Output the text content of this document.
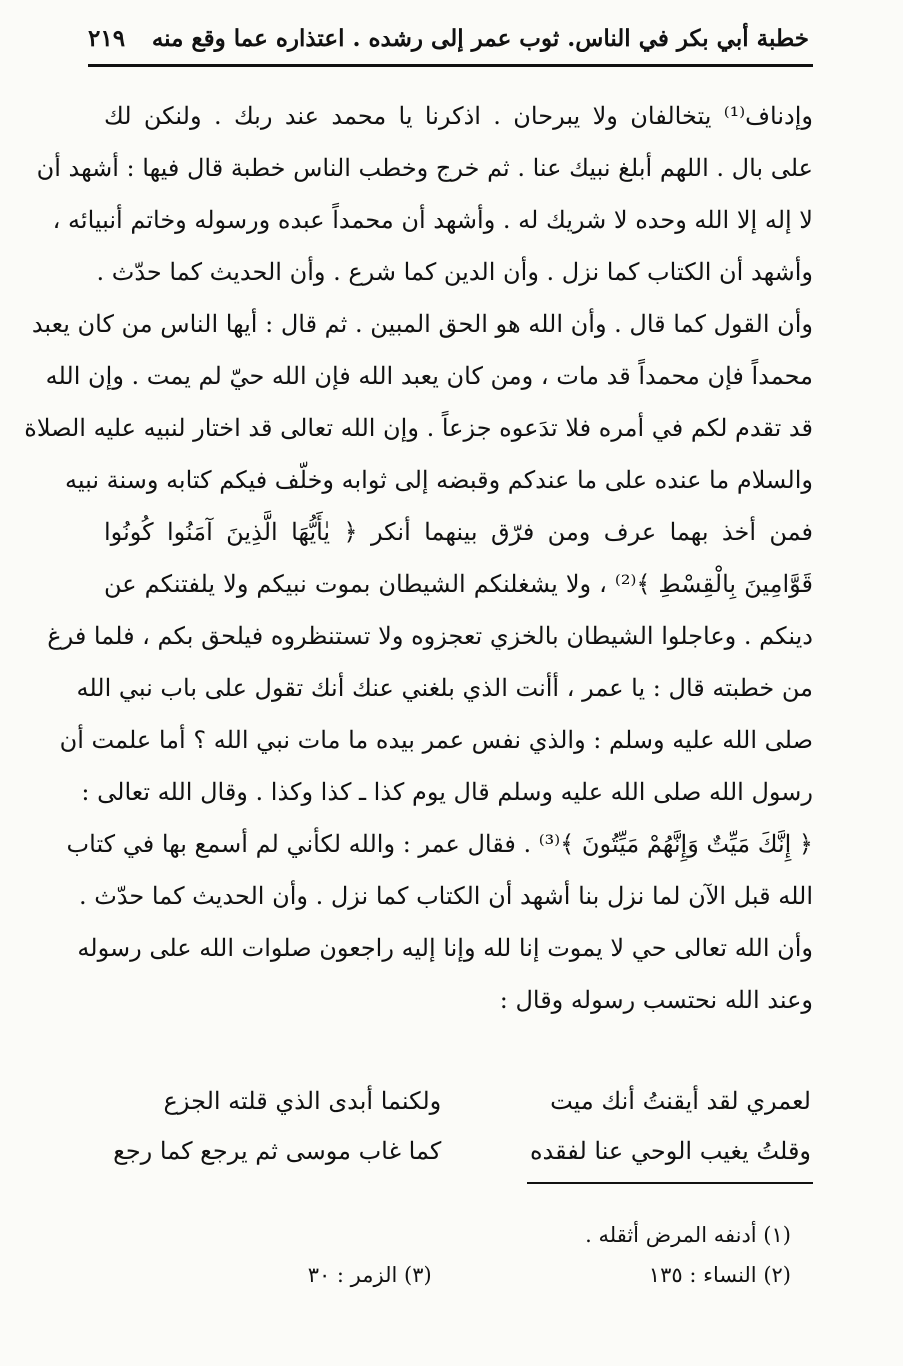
خطبة أبي بكر في الناس. ثوب عمر إلى رشده . اعتذاره عما وقع منه
٢١٩
وإدناف⁽¹⁾ يتخالفان ولا يبرحان . اذكرنا يا محمد عند ربك . ولنكن لك
على بال . اللهم أبلغ نبيك عنا . ثم خرج وخطب الناس خطبة قال فيها : أشهد أن
لا إله إلا الله وحده لا شريك له . وأشهد أن محمداً عبده ورسوله وخاتم أنبيائه ،
وأشهد أن الكتاب كما نزل . وأن الدين كما شرع . وأن الحديث كما حدّث .
وأن القول كما قال . وأن الله هو الحق المبين . ثم قال : أيها الناس من كان يعبد
محمداً فإن محمداً قد مات ، ومن كان يعبد الله فإن الله حيّ لم يمت . وإن الله
قد تقدم لكم في أمره فلا تدَعوه جزعاً . وإن الله تعالى قد اختار لنبيه عليه الصلاة
والسلام ما عنده على ما عندكم وقبضه إلى ثوابه وخلّف فيكم كتابه وسنة نبيه
فمن أخذ بهما عرف ومن فرّق بينهما أنكر ﴿ يٰأَيُّهَا الَّذِينَ آمَنُوا كُونُوا
قَوَّامِينَ بِالْقِسْطِ ﴾⁽²⁾ ، ولا يشغلنكم الشيطان بموت نبيكم ولا يلفتنكم عن
دينكم . وعاجلوا الشيطان بالخزي تعجزوه ولا تستنظروه فيلحق بكم ، فلما فرغ
من خطبته قال : يا عمر ، أأنت الذي بلغني عنك أنك تقول على باب نبي الله
صلى الله عليه وسلم : والذي نفس عمر بيده ما مات نبي الله ؟ أما علمت أن
رسول الله صلى الله عليه وسلم قال يوم كذا ـ كذا وكذا . وقال الله تعالى :
﴿ إِنَّكَ مَيِّتٌ وَإِنَّهُمْ مَيِّتُونَ ﴾⁽³⁾ . فقال عمر : والله لكأني لم أسمع بها في كتاب
الله قبل الآن لما نزل بنا أشهد أن الكتاب كما نزل . وأن الحديث كما حدّث .
وأن الله تعالى حي لا يموت إنا لله وإنا إليه راجعون صلوات الله على رسوله
وعند الله نحتسب رسوله وقال :
لعمري لقد أيقنتُ أنك ميت
ولكنما أبدى الذي قلته الجزع
وقلتُ يغيب الوحي عنا لفقده
كما غاب موسى ثم يرجع كما رجع
(١) أدنفه المرض أثقله .
(٢) النساء : ١٣٥
(٣) الزمر : ٣٠
